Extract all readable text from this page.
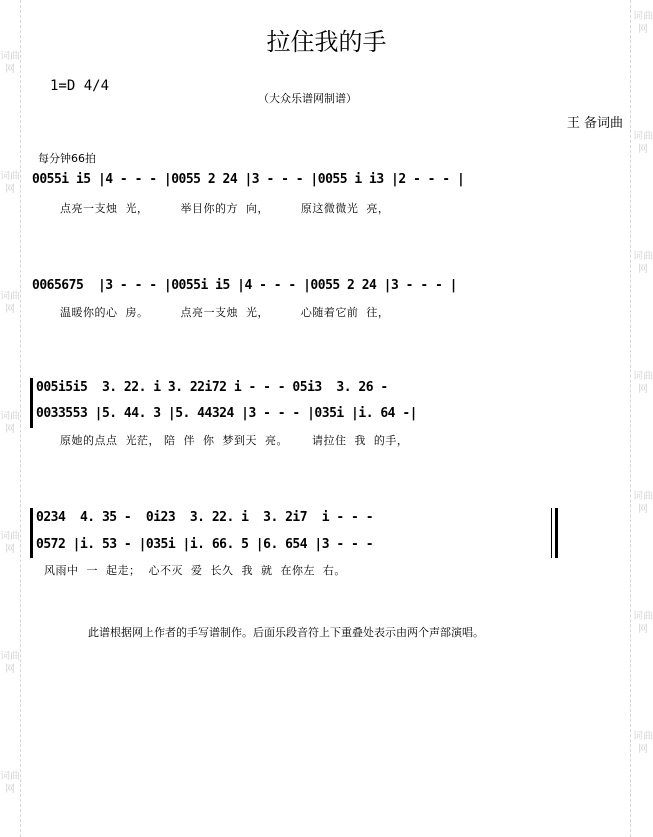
词曲网
词曲网
词曲网
词曲网
词曲网
词曲网
词曲网
词曲网
词曲网
词曲网
词曲网
词曲网
词曲网
词曲网
拉住我的手
1=D 4/4
（大众乐谱网制谱）
王 备词曲
每分钟66拍
0055i i5 |4 - - - |0055 2 24 |3 - - - |0055 i i3 |2 - - - |
点亮一支烛  光，        举目你的方  向，        原这微微光  亮，
0065675  |3 - - - |0055i i5 |4 - - - |0055 2 24 |3 - - - |
温暖你的心  房。        点亮一支烛  光，        心随着它前  往，
005i5i5  3. 22. i 3. 22i72 i - - - 05i3  3. 26 -
0033553 |5. 44. 3 |5. 44324 |3 - - - |035i |i. 64 -|
原她的点点  光茫， 陪  伴  你  梦到天  亮。      请拉住  我  的手，
0234  4. 35 -  0i23  3. 22. i  3. 2i7  i - - -
0572 |i. 53 - |035i |i. 66. 5 |6. 654 |3 - - -
风雨中  一  起走；  心不灭  爱  长久  我  就  在你左  右。
此谱根据网上作者的手写谱制作。后面乐段音符上下重叠处表示由两个声部演唱。
